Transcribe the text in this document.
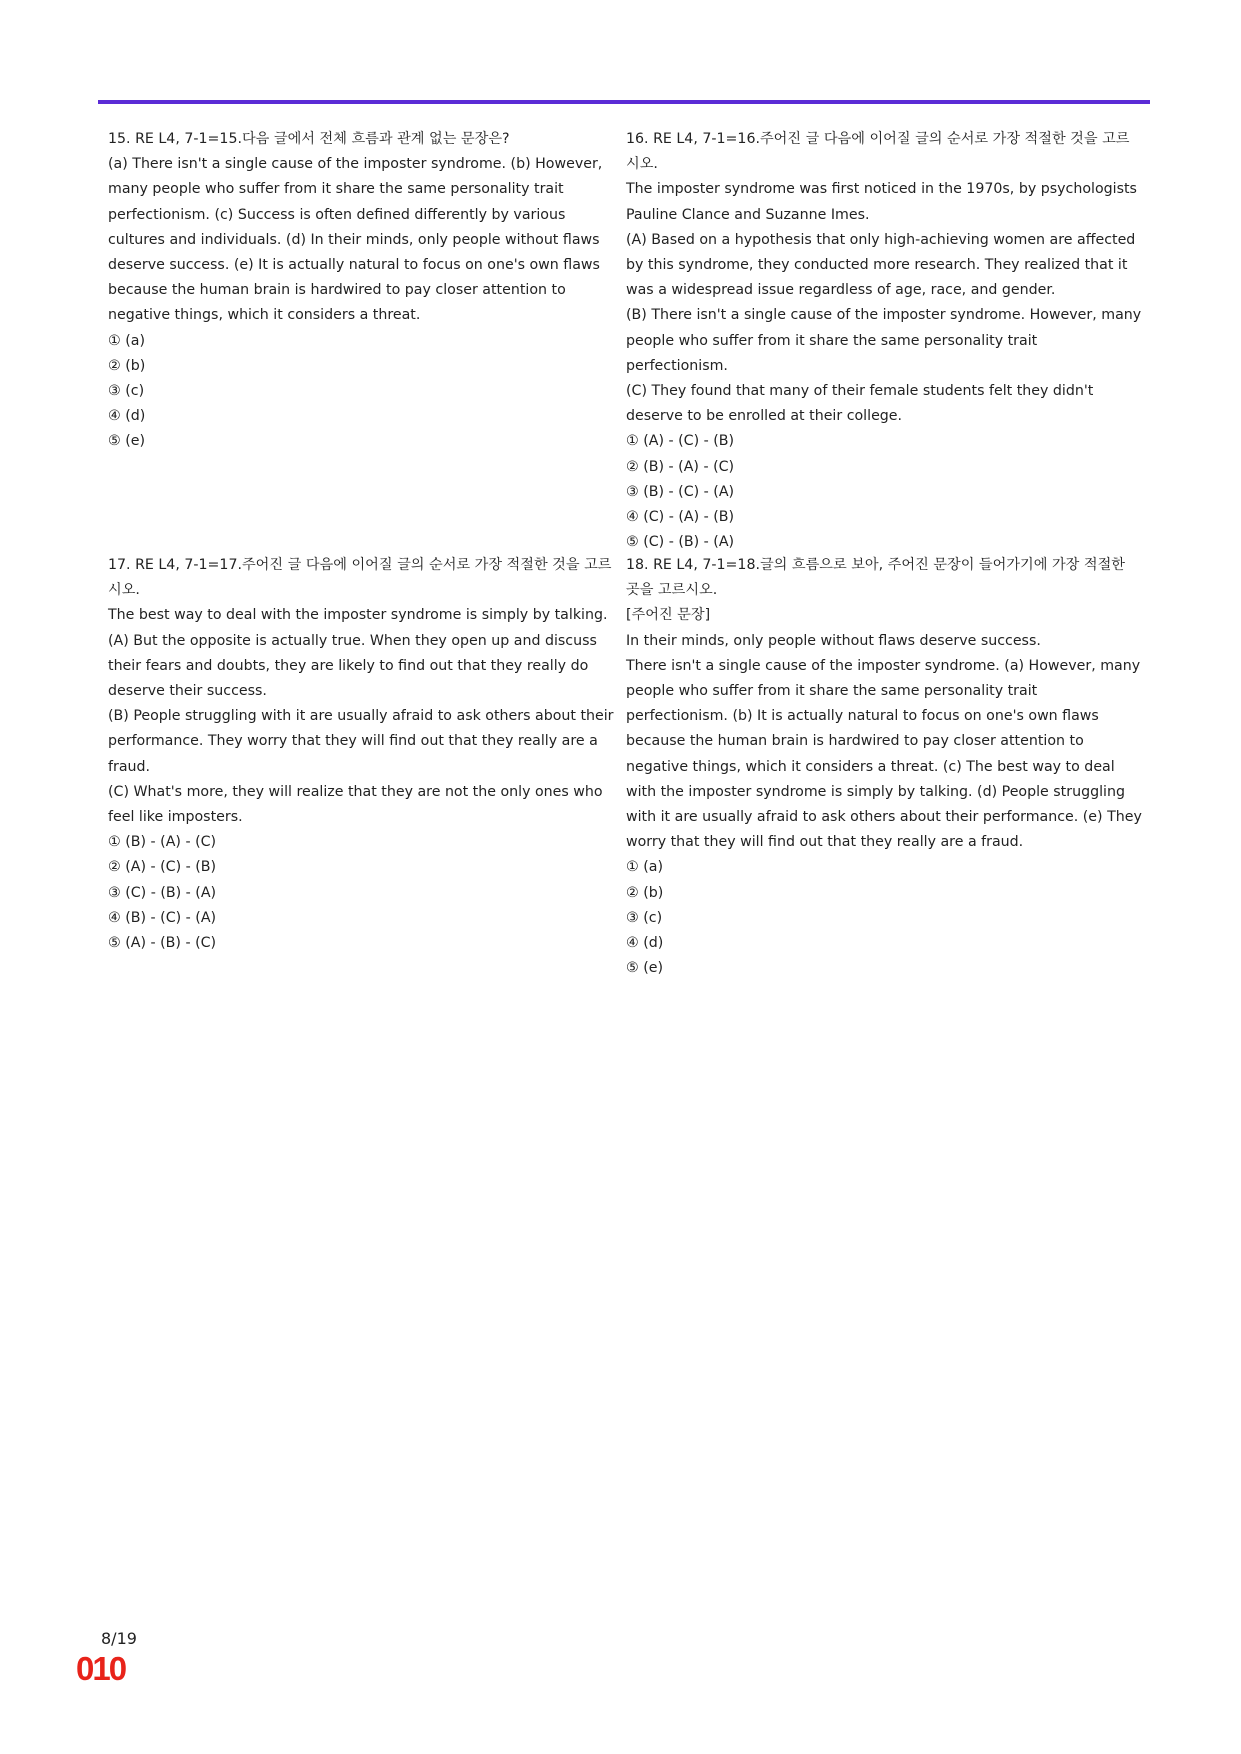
15. RE L4, 7-1=15.다음 글에서 전체 흐름과 관계 없는 문장은?

(a) There isn't a single cause of the imposter syndrome. (b) However, many people who suffer from it share the same personality trait perfectionism. (c) Success is often defined differently by various cultures and individuals. (d) In their minds, only people without flaws deserve success. (e) It is actually natural to focus on one's own flaws because the human brain is hardwired to pay closer attention to negative things, which it considers a threat.

① (a)
② (b)
③ (c)
④ (d)
⑤ (e)

16. RE L4, 7-1=16.주어진 글 다음에 이어질 글의 순서로 가장 적절한 것을 고르시오.

The imposter syndrome was first noticed in the 1970s, by psychologists Pauline Clance and Suzanne Imes.

(A) Based on a hypothesis that only high-achieving women are affected by this syndrome, they conducted more research. They realized that it was a widespread issue regardless of age, race, and gender.

(B) There isn't a single cause of the imposter syndrome. However, many people who suffer from it share the same personality trait perfectionism.

(C) They found that many of their female students felt they didn't deserve to be enrolled at their college.

① (A) - (C) - (B)
② (B) - (A) - (C)
③ (B) - (C) - (A)
④ (C) - (A) - (B)
⑤ (C) - (B) - (A)

17. RE L4, 7-1=17.주어진 글 다음에 이어질 글의 순서로 가장 적절한 것을 고르시오.

The best way to deal with the imposter syndrome is simply by talking.

(A) But the opposite is actually true. When they open up and discuss their fears and doubts, they are likely to find out that they really do deserve their success.

(B) People struggling with it are usually afraid to ask others about their performance. They worry that they will find out that they really are a fraud.

(C) What's more, they will realize that they are not the only ones who feel like imposters.

① (B) - (A) - (C)
② (A) - (C) - (B)
③ (C) - (B) - (A)
④ (B) - (C) - (A)
⑤ (A) - (B) - (C)

18. RE L4, 7-1=18.글의 흐름으로 보아, 주어진 문장이 들어가기에 가장 적절한 곳을 고르시오.

[주어진 문장]

In their minds, only people without flaws deserve success.

There isn't a single cause of the imposter syndrome. (a) However, many people who suffer from it share the same personality trait perfectionism. (b) It is actually natural to focus on one's own flaws because the human brain is hardwired to pay closer attention to negative things, which it considers a threat. (c) The best way to deal with the imposter syndrome is simply by talking. (d) People struggling with it are usually afraid to ask others about their performance. (e) They worry that they will find out that they really are a fraud.

① (a)
② (b)
③ (c)
④ (d)
⑤ (e)
8/19
010
